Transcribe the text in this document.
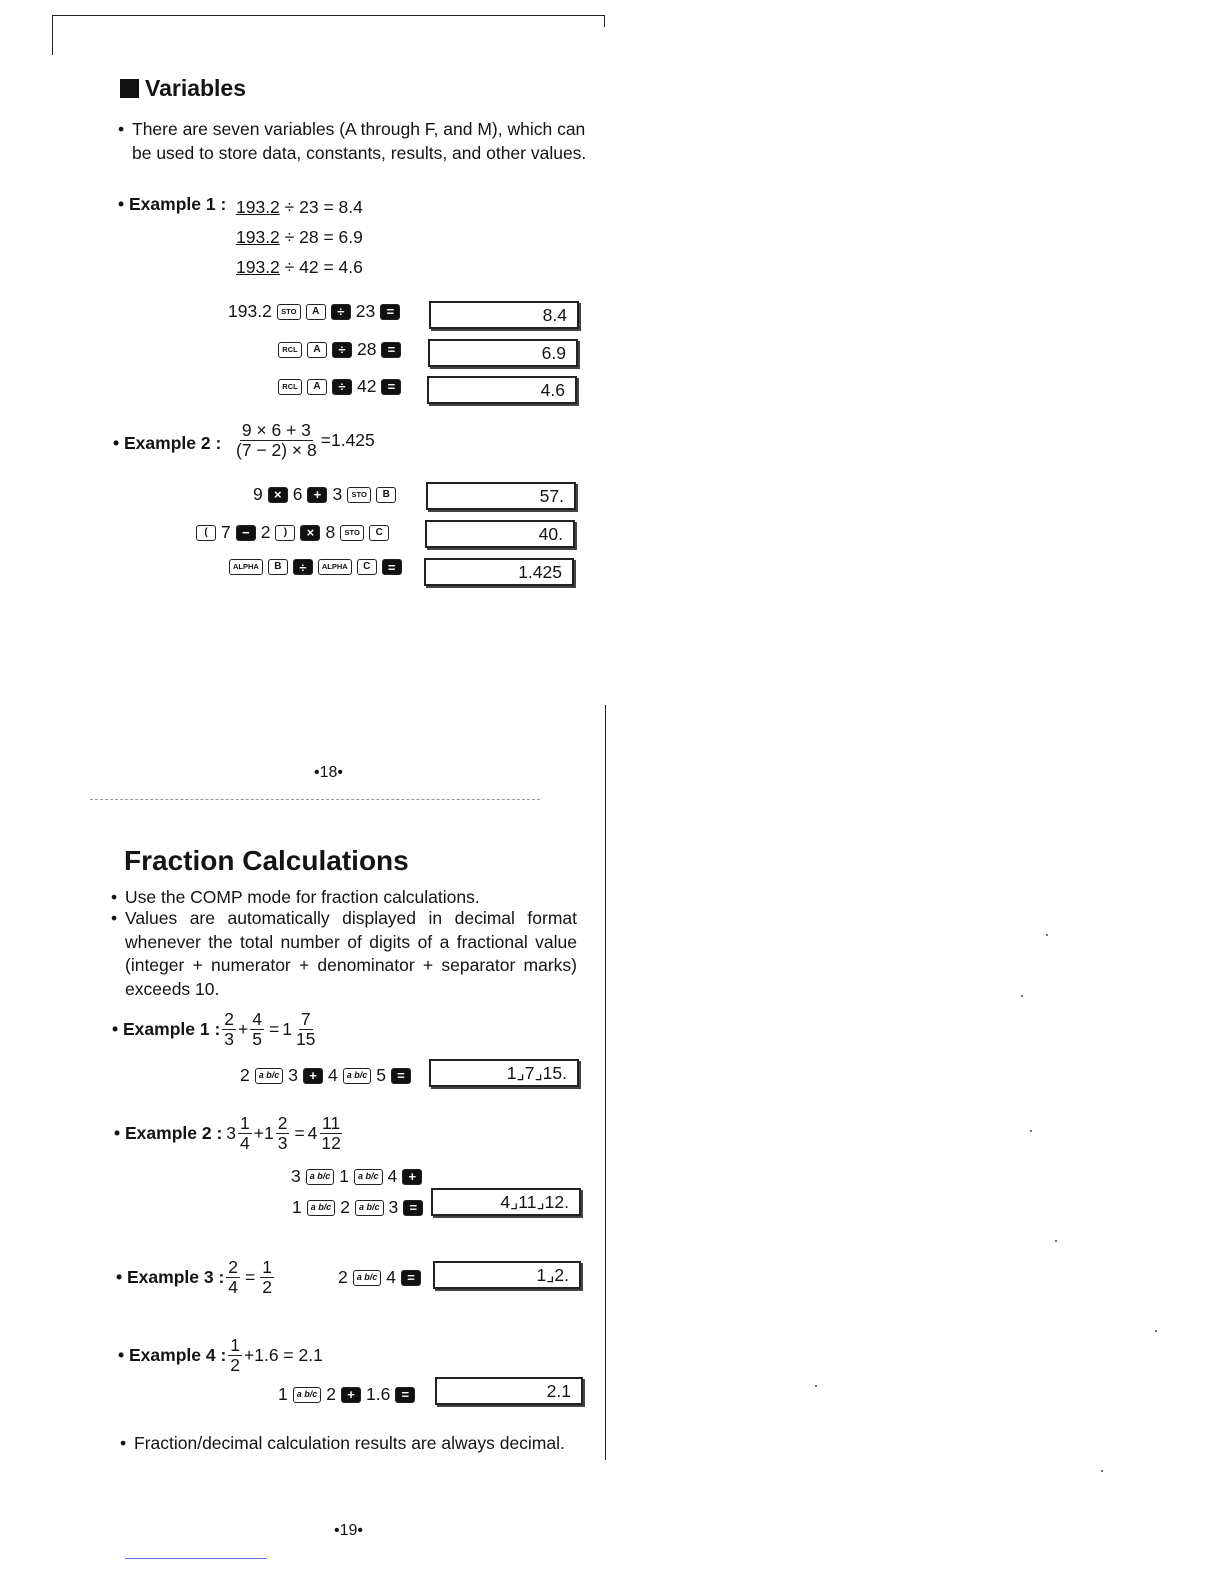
Variables
• There are seven variables (A through F, and M), which can be used to store data, constants, results, and other values.
• Example 1 : 193.2 ÷ 23 = 8.4
193.2 ÷ 28 = 6.9
193.2 ÷ 42 = 4.6
193.2	STO	A	÷ 23 =	8.4
RCL	A	÷ 28 =	6.9
RCL	A	÷ 42 =	4.6
• Example 2 : $\frac{9 \times 6 + 3}{(7 - 2) \times 8} =1.425$
9 × 6 + 3	STO	B	57.
( 7 − 2	)	× 8	STO	C	40.
ALPHA	B	÷	ALPHA	C	=	1.425
•18•
Fraction Calculations
• Use the COMP mode for fraction calculations.
• Values are automatically displayed in decimal format whenever the total number of digits of a fractional value (integer + numerator + denominator + separator marks) exceeds 10.
• Example 1 : $\frac{2}{3} + \frac{4}{5} = 1 \frac{7}{15}$
2	a b/c 3 + 4	a b/c 5 =	1⌟7⌟15.
• Example 2 : $3 \frac{1}{4} +1 \frac{2}{3} = 4 \frac{11}{12}$
3	a b/c 1	a b/c 4 +
1	a b/c 2	a b/c 3 =	4⌟11⌟12.
• Example 3 : $\frac{2}{4} = \frac{1}{2}$	2	a b/c 4 =	1⌟2.
• Example 4 : $\frac{1}{2} +1.6 = 2.1$
1	a b/c 2 + 1.6 =	2.1
• Fraction/decimal calculation results are always decimal.
•19•
